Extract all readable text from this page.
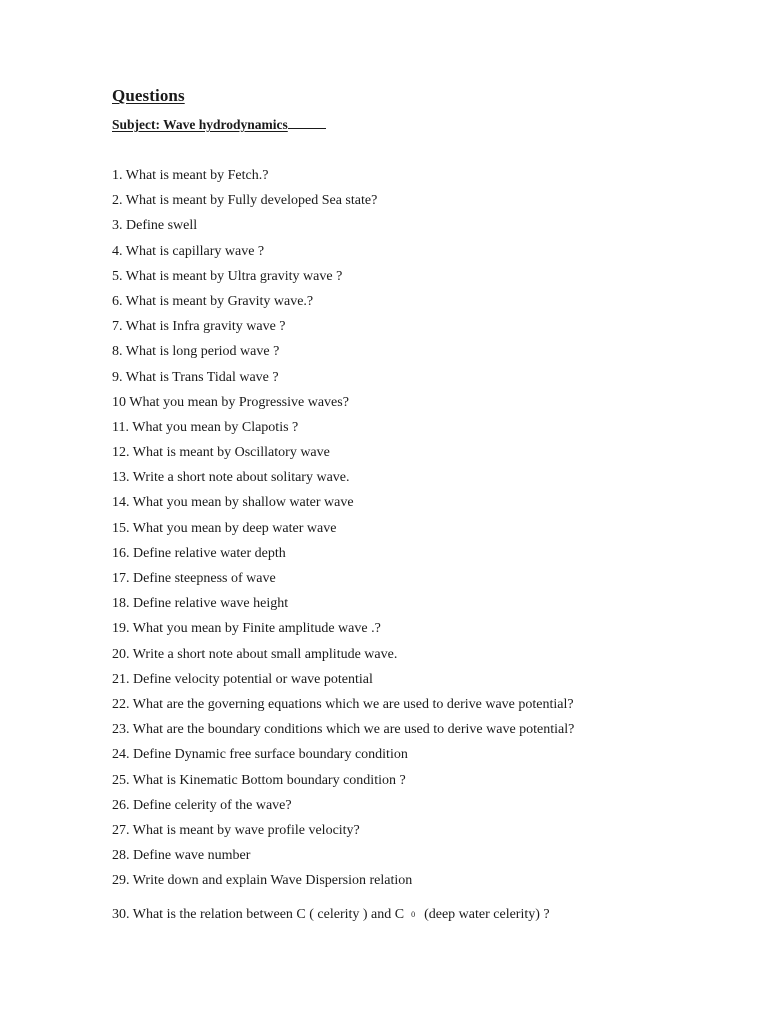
Questions
Subject: Wave hydrodynamics
1. What is meant by Fetch.?
2. What is meant by Fully developed Sea state?
3. Define swell
4. What is capillary wave ?
5. What is meant by Ultra gravity wave ?
6. What is meant by Gravity wave.?
7. What is Infra gravity wave ?
8. What is long period wave ?
9. What is Trans Tidal wave ?
10 What you mean by Progressive waves?
11. What you mean by Clapotis ?
12. What is meant by Oscillatory wave
13. Write a short note about solitary wave.
14. What you mean by shallow water wave
15. What you mean by deep water wave
16. Define relative water depth
17. Define steepness of wave
18. Define relative wave height
19. What you mean by Finite amplitude wave .?
20. Write a short note about small amplitude wave.
21. Define velocity potential or wave potential
22. What are the governing equations which we are used to derive wave potential?
23. What are the boundary conditions which we are used to derive wave potential?
24. Define Dynamic free surface boundary condition
25. What is Kinematic Bottom boundary condition ?
26. Define celerity of the wave?
27. What is meant by wave profile velocity?
28. Define wave number
29. Write down and explain Wave Dispersion relation
30. What is the relation between C ( celerity ) and C 0 (deep water celerity) ?
